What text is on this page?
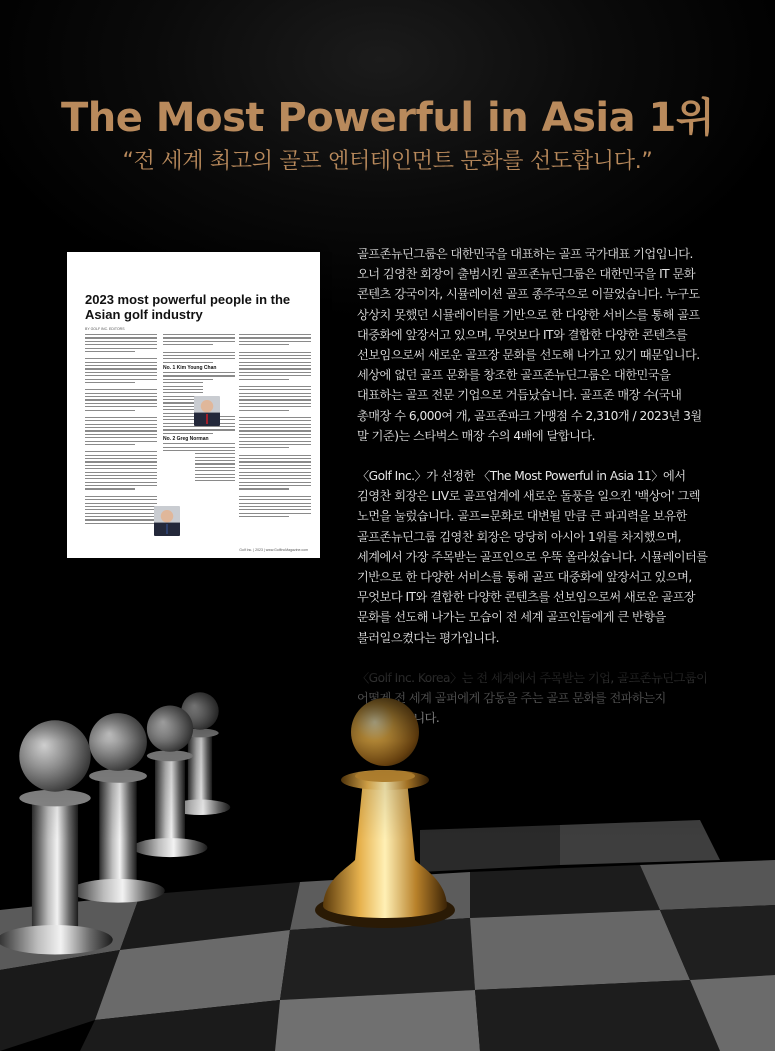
The Most Powerful in Asia 1위

“전 세계 최고의 골프 엔터테인먼트 문화를 선도합니다.”

2023 most powerful people in the Asian golf industry
BY GOLF INC. EDITORS
No. 1 Kim Young Chan
No. 2 Greg Norman
Golf Inc. | 2023 | www.GolfIncMagazine.com

골프존뉴딘그룹은 대한민국을 대표하는 골프 국가대표 기업입니다. 오너 김영찬 회장이 출범시킨 골프존뉴딘그룹은 대한민국을 IT 문화 콘텐츠 강국이자, 시뮬레이션 골프 종주국으로 이끌었습니다. 누구도 상상치 못했던 시뮬레이터를 기반으로 한 다양한 서비스를 통해 골프 대중화에 앞장서고 있으며, 무엇보다 IT와 결합한 다양한 콘텐츠를 선보임으로써 새로운 골프장 문화를 선도해 나가고 있기 때문입니다.

세상에 없던 골프 문화를 창조한 골프존뉴딘그룹은 대한민국을 대표하는 골프 전문 기업으로 거듭났습니다. 골프존 매장 수(국내 총매장 수 6,000여 개, 골프존파크 가맹점 수 2,310개 / 2023년 3월 말 기준)는 스타벅스 매장 수의 4배에 달합니다.

〈Golf Inc.〉가 선정한 〈The Most Powerful in Asia 11〉에서 김영찬 회장은 LIV로 골프업계에 새로운 돌풍을 일으킨 '백상어' 그렉 노먼을 눌렀습니다. 골프=문화로 대변될 만큼 큰 파괴력을 보유한 골프존뉴딘그룹 김영찬 회장은 당당히 아시아 1위를 차지했으며, 세계에서 가장 주목받는 골프인으로 우뚝 올라섰습니다. 시뮬레이터를 기반으로 한 다양한 서비스를 통해 골프 대중화에 앞장서고 있으며, 무엇보다 IT와 결합한 다양한 콘텐츠를 선보임으로써 새로운 골프장 문화를 선도해 나가는 모습이 전 세계 골프인들에게 큰 반향을 불러일으켰다는 평가입니다.
